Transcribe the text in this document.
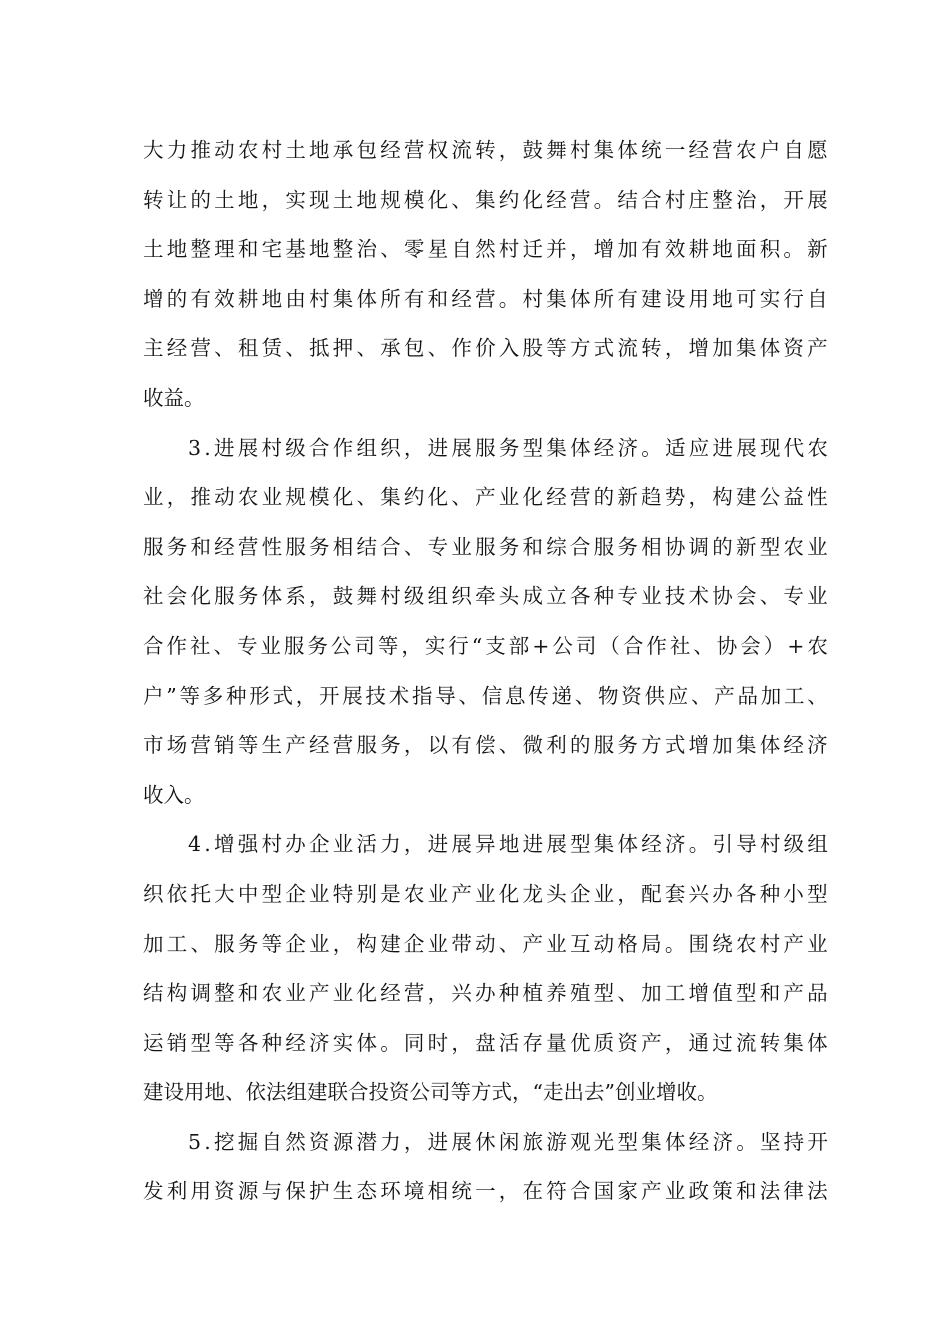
大 力 推 动 农 村 土 地 承 包 经 营 权 流 转 ， 鼓 舞 村 集 体 统 一 经 营 农 户 自 愿
转 让 的 土 地 ， 实 现 土 地 规 模 化 、 集 约 化 经 营 。 结 合 村 庄 整 治 ， 开 展
土 地 整 理 和 宅 基 地 整 治 、 零 星 自 然 村 迁 并 ， 增 加 有 效 耕 地 面 积 。 新
增 的 有 效 耕 地 由 村 集 体 所 有 和 经 营 。 村 集 体 所 有 建 设 用 地 可 实 行 自
主 经 营 、 租 赁 、 抵 押 、 承 包 、 作 价 入 股 等 方 式 流 转 ， 增 加 集 体 资 产
收益。
3 . 进 展 村 级 合 作 组 织 ， 进 展 服 务 型 集 体 经 济 。 适 应 进 展 现 代 农
业 ， 推 动 农 业 规 模 化 、 集 约 化 、 产 业 化 经 营 的 新 趋 势 ， 构 建 公 益 性
服 务 和 经 营 性 服 务 相 结 合 、 专 业 服 务 和 综 合 服 务 相 协 调 的 新 型 农 业
社 会 化 服 务 体 系 ， 鼓 舞 村 级 组 织 牵 头 成 立 各 种 专 业 技 术 协 会 、 专 业
合 作 社 、 专 业 服 务 公 司 等 ， 实 行 “ 支 部 + 公 司 （ 合 作 社 、 协 会 ） + 农
户 ” 等 多 种 形 式 ， 开 展 技 术 指 导 、 信 息 传 递 、 物 资 供 应 、 产 品 加 工 、
市 场 营 销 等 生 产 经 营 服 务 ， 以 有 偿 、 微 利 的 服 务 方 式 增 加 集 体 经 济
收入。
4 . 增 强 村 办 企 业 活 力 ， 进 展 异 地 进 展 型 集 体 经 济 。 引 导 村 级 组
织 依 托 大 中 型 企 业 特 别 是 农 业 产 业 化 龙 头 企 业 ， 配 套 兴 办 各 种 小 型
加 工 、 服 务 等 企 业 ， 构 建 企 业 带 动 、 产 业 互 动 格 局 。 围 绕 农 村 产 业
结 构 调 整 和 农 业 产 业 化 经 营 ， 兴 办 种 植 养 殖 型 、 加 工 增 值 型 和 产 品
运 销 型 等 各 种 经 济 实 体 。 同 时 ， 盘 活 存 量 优 质 资 产 ， 通 过 流 转 集 体
建设用地、依法组建联合投资公司等方式，“走出去”创业增收。
5 . 挖 掘 自 然 资 源 潜 力 ， 进 展 休 闲 旅 游 观 光 型 集 体 经 济 。 坚 持 开
发 利 用 资 源 与 保 护 生 态 环 境 相 统 一 ， 在 符 合 国 家 产 业 政 策 和 法 律 法
